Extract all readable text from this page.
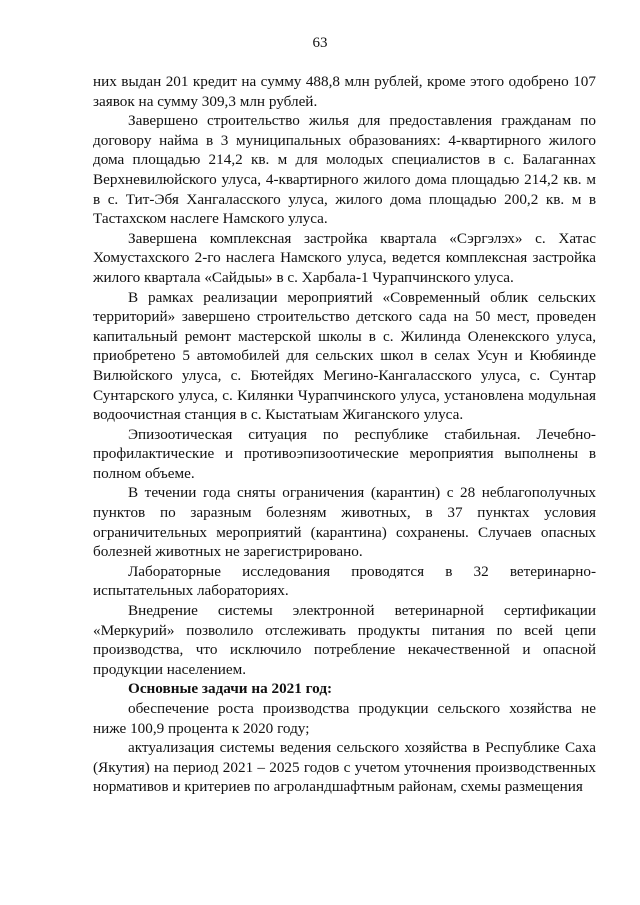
63

них выдан 201 кредит на сумму 488,8 млн рублей, кроме этого одобрено 107 заявок на сумму 309,3 млн рублей.

Завершено строительство жилья для предоставления гражданам по договору найма в 3 муниципальных образованиях: 4-квартирного жилого дома площадью 214,2 кв. м для молодых специалистов в с. Балаганнах Верхневилюйского улуса, 4-квартирного жилого дома площадью 214,2 кв. м в с. Тит-Эбя Хангаласского улуса, жилого дома площадью 200,2 кв. м в Тастахском наслеге Намского улуса.

Завершена комплексная застройка квартала «Сэргэлэх» с. Хатас Хомустахского 2-го наслега Намского улуса, ведется комплексная застройка жилого квартала «Сайдыы» в с. Харбала-1 Чурапчинского улуса.

В рамках реализации мероприятий «Современный облик сельских территорий» завершено строительство детского сада на 50 мест, проведен капитальный ремонт мастерской школы в с. Жилинда Оленекского улуса, приобретено 5 автомобилей для сельских школ в селах Усун и Кюбяинде Вилюйского улуса, с. Бютейдях Мегино-Кангаласского улуса, с. Сунтар Сунтарского улуса, с. Килянки Чурапчинского улуса, установлена модульная водоочистная станция в с. Кыстатыам Жиганского улуса.

Эпизоотическая ситуация по республике стабильная. Лечебно-профилактические и противоэпизоотические мероприятия выполнены в полном объеме.

В течении года сняты ограничения (карантин) с 28 неблагополучных пунктов по заразным болезням животных, в 37 пунктах условия ограничительных мероприятий (карантина) сохранены. Случаев опасных болезней животных не зарегистрировано.

Лабораторные исследования проводятся в 32 ветеринарно-испытательных лабораториях.

Внедрение системы электронной ветеринарной сертификации «Меркурий» позволило отслеживать продукты питания по всей цепи производства, что исключило потребление некачественной и опасной продукции населением.

Основные задачи на 2021 год:

обеспечение роста производства продукции сельского хозяйства не ниже 100,9 процента к 2020 году;

актуализация системы ведения сельского хозяйства в Республике Саха (Якутия) на период 2021 – 2025 годов с учетом уточнения производственных нормативов и критериев по агроландшафтным районам, схемы размещения
